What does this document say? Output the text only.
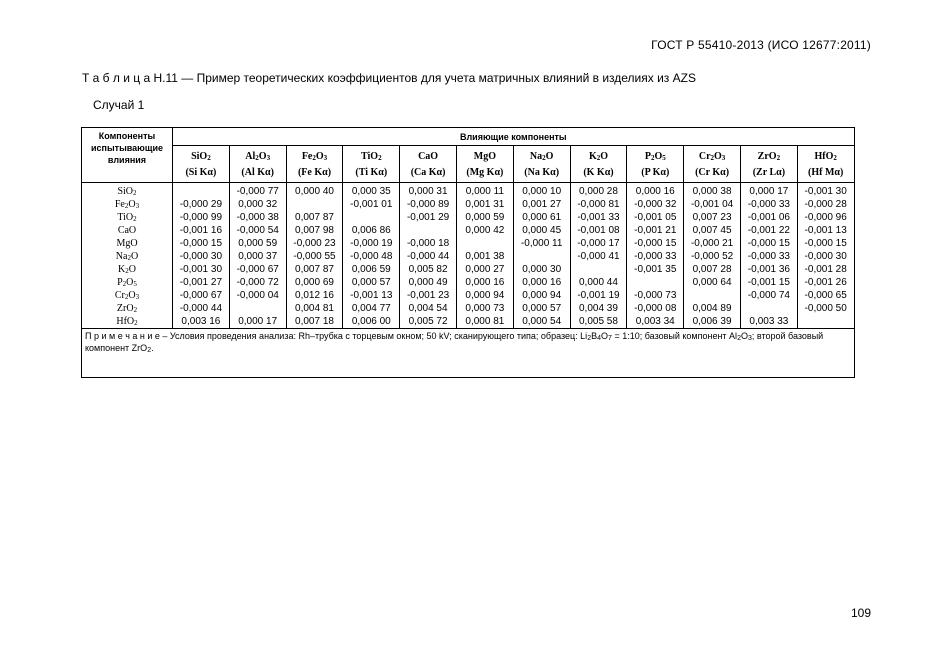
ГОСТ Р 55410-2013 (ИСО 12677:2011)
Т а б л и ц а Н.11 — Пример теоретических коэффициентов для учета матричных влияний в изделиях из AZS
Случай 1
Компоненты испытывающие влияния	Влияющие компоненты											
	SiO$_2$	$Al_2O_3$	$Fe_2O_3$	TiO$_2$	CaO	MgO	$Na_2O$	$K_2O$	$P_2O_5$	$Cr_2O_3$	ZrO$_2$	HfO$_2$
	(Si Kα)	(Al Kα)	(Fe Kα)	(Ti Kα)	(Ca Kα)	(Mg Kα)	(Na Kα)	(K Kα)	(P Kα)	(Cr Kα)	(Zr Lα)	(Hf Mα)
SiO$_2$		-0,000 77	0,000 40	0,000 35	0,000 31	0,000 11	0,000 10	0,000 28	0,000 16	0,000 38	0,000 17	-0,001 30
$Fe_2O_3$	-0,000 29	0,000 32		-0,001 01	-0,000 89	0,001 31	0,001 27	-0,000 81	-0,000 32	-0,001 04	-0,000 33	-0,000 28
TiO$_2$	-0,000 99	-0,000 38	0,007 87		-0,001 29	0,000 59	0,000 61	-0,001 33	-0,001 05	0,007 23	-0,001 06	-0,000 96
CaO	-0,001 16	-0,000 54	0,007 98	0,006 86		0,000 42	0,000 45	-0,001 08	-0,001 21	0,007 45	-0,001 22	-0,001 13
MgO	-0,000 15	0,000 59	-0,000 23	-0,000 19	-0,000 18		-0,000 11	-0,000 17	-0,000 15	-0,000 21	-0,000 15	-0,000 15
$Na_2O$	-0,000 30	0,000 37	-0,000 55	-0,000 48	-0,000 44	0,001 38		-0,000 41	-0,000 33	-0,000 52	-0,000 33	-0,000 30
$K_2O$	-0,001 30	-0,000 67	0,007 87	0,006 59	0,005 82	0,000 27	0,000 30		-0,001 35	0,007 28	-0,001 36	-0,001 28
$P_2O_5$	-0,001 27	-0,000 72	0,000 69	0,000 57	0,000 49	0,000 16	0,000 16	0,000 44		0,000 64	-0,001 15	-0,001 26
$Cr_2O_3$	-0,000 67	-0,000 04	0,012 16	-0,001 13	-0,001 23	0,000 94	0,000 94	-0,001 19	-0,000 73		-0,000 74	-0,000 65
ZrO$_2$	-0,000 44		0,004 81	0,004 77	0,004 54	0,000 73	0,000 57	0,004 39	-0,000 08	0,004 89		-0,000 50
HfO$_2$	0,003 16	0,000 17	0,007 18	0,006 00	0,005 72	0,000 81	0,000 54	0,005 58	0,003 34	0,006 39	0,003 33	
П р и м е ч а н и е – Условия проведения анализа: Rh–трубка с торцевым окном; 50 kV; сканирующего типа; образец: $Li_2B_4O_7$ = 1:10; базовый компонент $Al_2O_3$; второй базовый компонент ZrO$_2$.												
109
